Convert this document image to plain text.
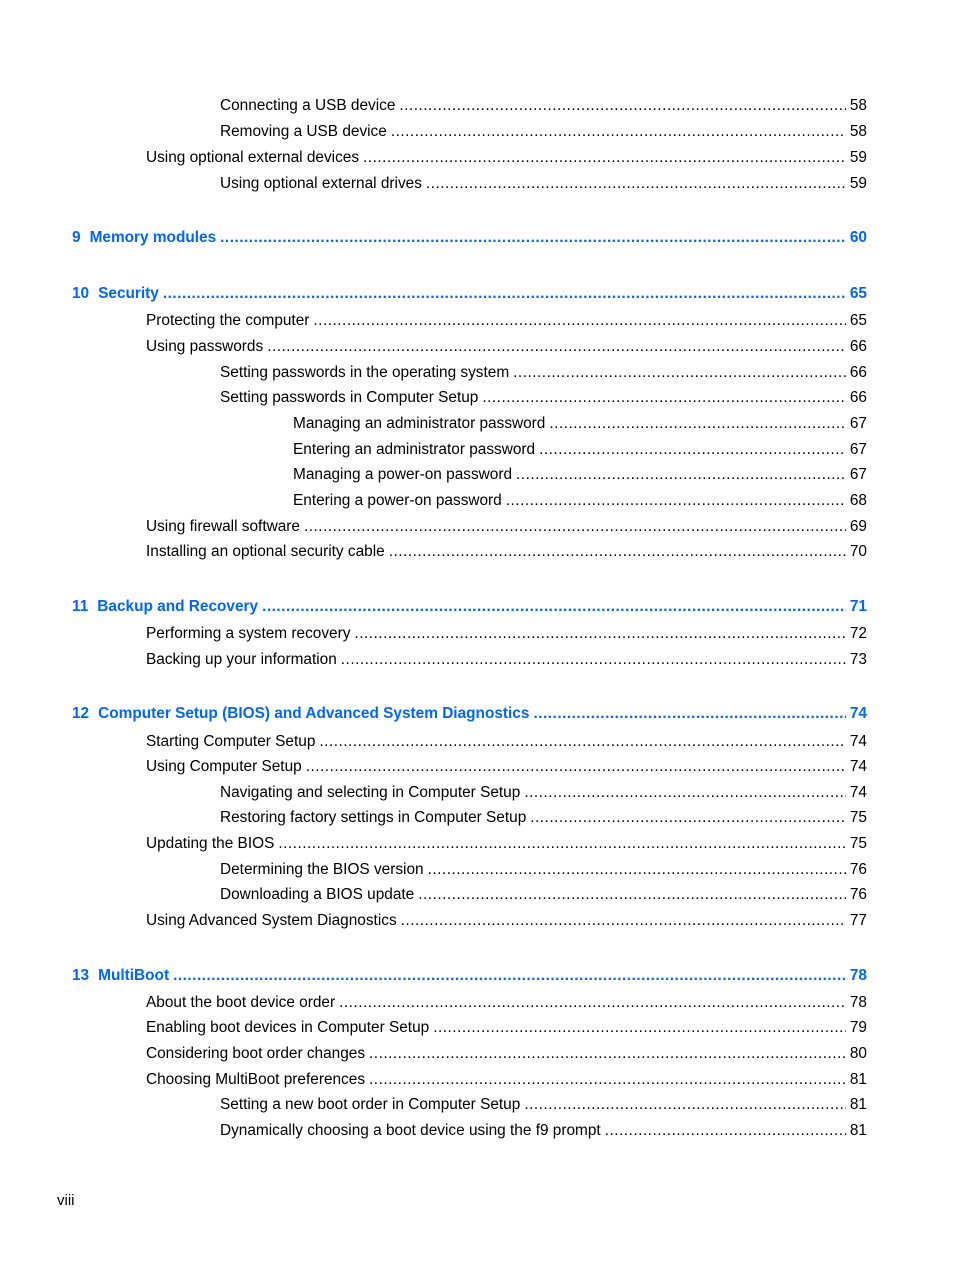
Connecting a USB device .....	58
Removing a USB device .....	58
Using optional external devices .....	59
Using optional external drives .....	59
9 Memory modules .....	60
10 Security .....	65
Protecting the computer .....	65
Using passwords .....	66
Setting passwords in the operating system .....	66
Setting passwords in Computer Setup .....	66
Managing an administrator password .....	67
Entering an administrator password .....	67
Managing a power-on password .....	67
Entering a power-on password .....	68
Using firewall software .....	69
Installing an optional security cable .....	70
11 Backup and Recovery .....	71
Performing a system recovery .....	72
Backing up your information .....	73
12 Computer Setup (BIOS) and Advanced System Diagnostics .....	74
Starting Computer Setup .....	74
Using Computer Setup .....	74
Navigating and selecting in Computer Setup .....	74
Restoring factory settings in Computer Setup .....	75
Updating the BIOS .....	75
Determining the BIOS version .....	76
Downloading a BIOS update .....	76
Using Advanced System Diagnostics .....	77
13 MultiBoot .....	78
About the boot device order .....	78
Enabling boot devices in Computer Setup .....	79
Considering boot order changes .....	80
Choosing MultiBoot preferences .....	81
Setting a new boot order in Computer Setup .....	81
Dynamically choosing a boot device using the f9 prompt .....	81
viii
